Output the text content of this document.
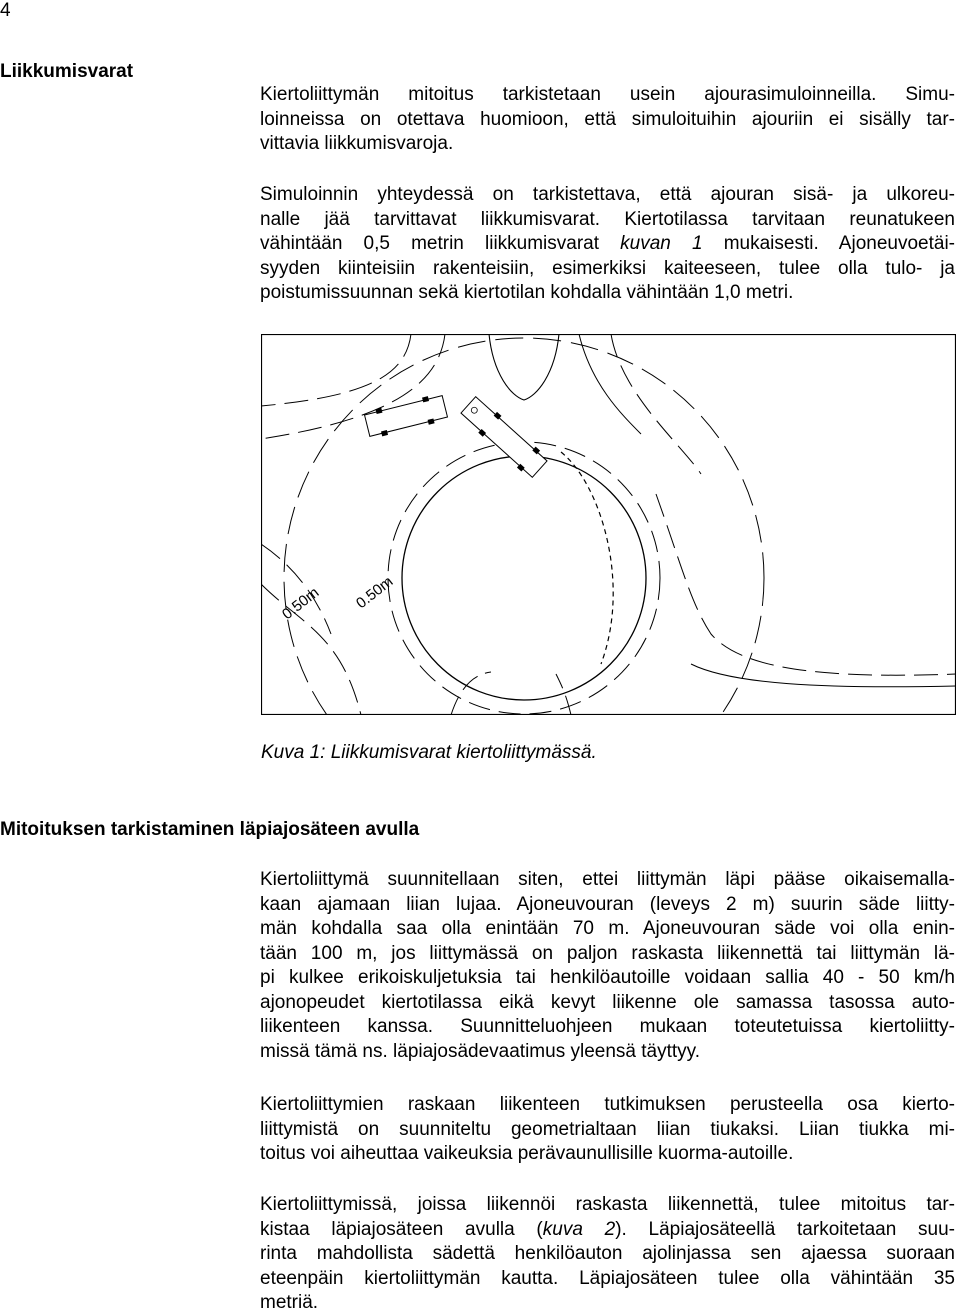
4
Liikkumisvarat
Kiertoliittymän mitoitus tarkistetaan usein ajourasimuloinneilla. Simu-
loinneissa on otettava huomioon, että simuloituihin ajouriin ei sisälly tar-
vittavia liikkumisvaroja.
Simuloinnin yhteydessä on tarkistettava, että ajouran sisä- ja ulkoreu-
nalle jää tarvittavat liikkumisvarat. Kiertotilassa tarvitaan reunatukeen
vähintään 0,5 metrin liikkumisvarat kuvan 1 mukaisesti. Ajoneuvoetäi-
syyden kiinteisiin rakenteisiin, esimerkiksi kaiteeseen, tulee olla tulo- ja
poistumissuunnan sekä kiertotilan kohdalla vähintään 1,0 metri.
0.50m 0.50m
Kuva 1: Liikkumisvarat kiertoliittymässä.
Mitoituksen tarkistaminen läpiajosäteen avulla
Kiertoliittymä suunnitellaan siten, ettei liittymän läpi pääse oikaisemalla-
kaan ajamaan liian lujaa. Ajoneuvouran (leveys 2 m) suurin säde liitty-
män kohdalla saa olla enintään 70 m. Ajoneuvouran säde voi olla enin-
tään 100 m, jos liittymässä on paljon raskasta liikennettä tai liittymän lä-
pi kulkee erikoiskuljetuksia tai henkilöautoille voidaan sallia 40 - 50 km/h
ajonopeudet kiertotilassa eikä kevyt liikenne ole samassa tasossa auto-
liikenteen kanssa. Suunnitteluohjeen mukaan toteutetuissa kiertoliitty-
missä tämä ns. läpiajosädevaatimus yleensä täyttyy.
Kiertoliittymien raskaan liikenteen tutkimuksen perusteella osa kierto-
liittymistä on suunniteltu geometrialtaan liian tiukaksi. Liian tiukka mi-
toitus voi aiheuttaa vaikeuksia perävaunullisille kuorma-autoille.
Kiertoliittymissä, joissa liikennöi raskasta liikennettä, tulee mitoitus tar-
kistaa läpiajosäteen avulla (kuva 2). Läpiajosäteellä tarkoitetaan suu-
rinta mahdollista sädettä henkilöauton ajolinjassa sen ajaessa suoraan
eteenpäin kiertoliittymän kautta. Läpiajosäteen tulee olla vähintään 35
metriä.
